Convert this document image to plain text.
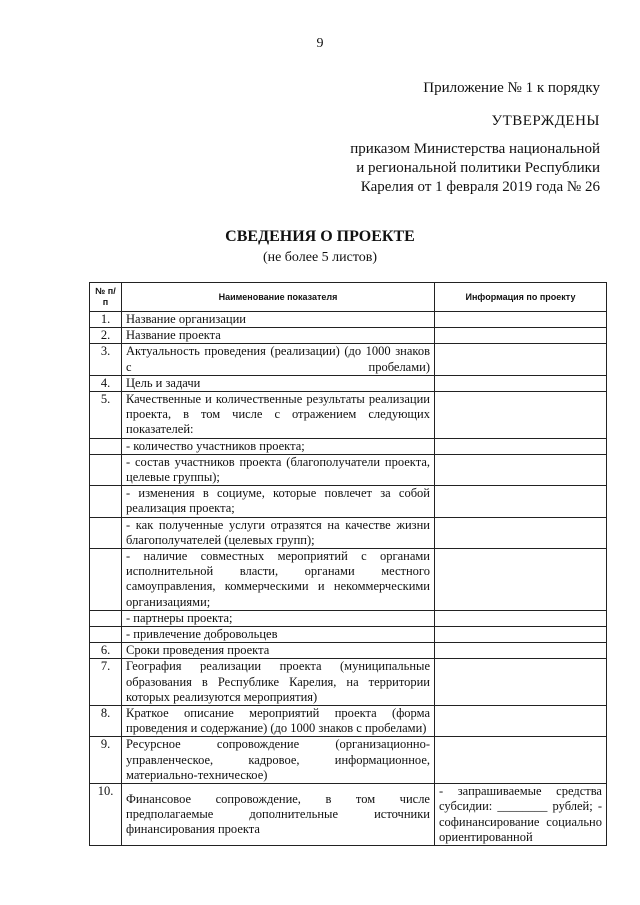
9
Приложение № 1 к порядку
УТВЕРЖДЕНЫ
приказом Министерства национальной
и региональной политики Республики
Карелия от 1 февраля 2019 года № 26
СВЕДЕНИЯ О ПРОЕКТЕ
(не более 5 листов)
№ п/п	Наименование показателя	Информация по проекту
1.	Название организации	
2.	Название проекта	
3.	Актуальность проведения (реализации) (до 1000 знаков с пробелами)	
4.	Цель и задачи	
5.	Качественные и количественные результаты реализации проекта, в том числе с отражением следующих показателей:	
	- количество участников проекта;	
	- состав участников проекта (благополучатели проекта, целевые группы);	
	- изменения в социуме, которые повлечет за собой реализация проекта;	
	- как полученные услуги отразятся на качестве жизни благополучателей (целевых групп);	
	- наличие совместных мероприятий с органами исполнительной власти, органами местного самоуправления, коммерческими и некоммерческими организациями;	
	- партнеры проекта;	
	- привлечение добровольцев	
6.	Сроки проведения проекта	
7.	География реализации проекта (муниципальные образования в Республике Карелия, на территории которых реализуются мероприятия)	
8.	Краткое описание мероприятий проекта (форма проведения и содержание) (до 1000 знаков с пробелами)	
9.	Ресурсное сопровождение (организационно-управленческое, кадровое, информационное, материально-техническое)	
10.	Финансовое сопровождение, в том числе предполагаемые дополнительные источники финансирования проекта	- запрашиваемые средства субсидии: ________ рублей; - софинансирование социально ориентированной
